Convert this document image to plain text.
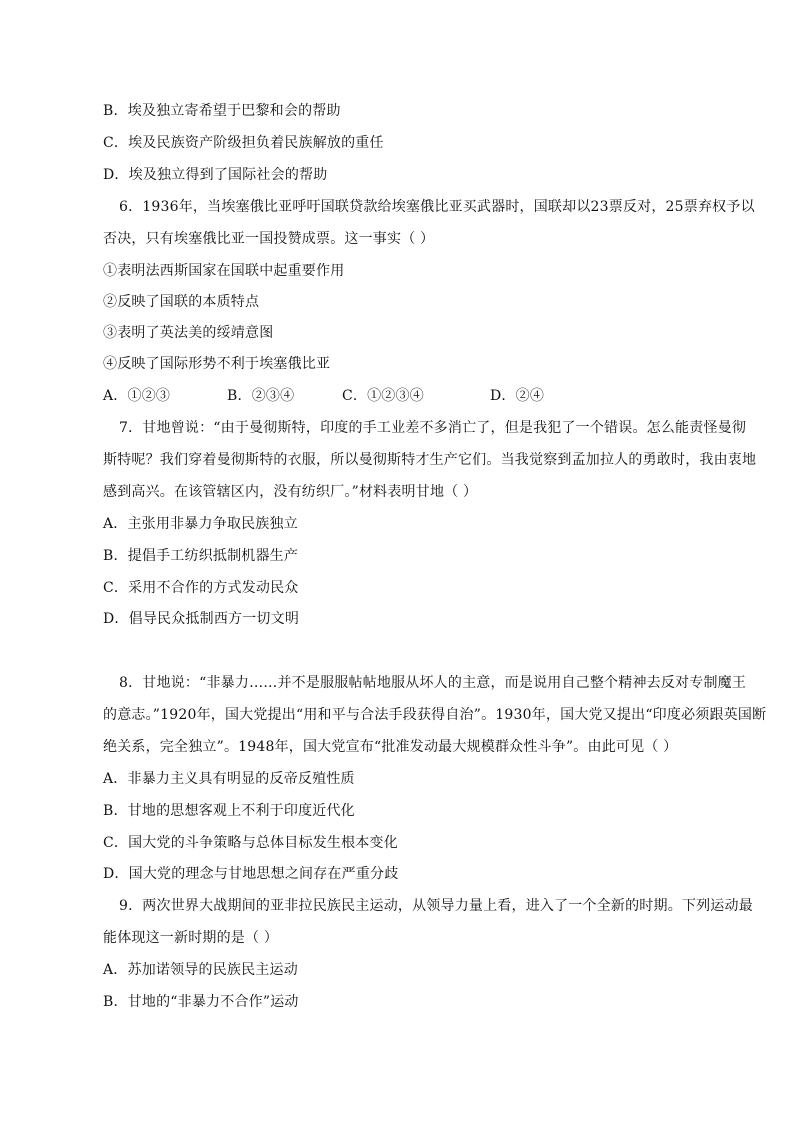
B．埃及独立寄希望于巴黎和会的帮助
C．埃及民族资产阶级担负着民族解放的重任
D．埃及独立得到了国际社会的帮助
6．1936年，当埃塞俄比亚呼吁国联贷款给埃塞俄比亚买武器时，国联却以23票反对，25票弃权予以
否决，只有埃塞俄比亚一国投赞成票。这一事实（ ）
①表明法西斯国家在国联中起重要作用
②反映了国联的本质特点
③表明了英法美的绥靖意图
④反映了国际形势不利于埃塞俄比亚
A．①②③	B．②③④	C．①②③④	D．②④
7．甘地曾说：“由于曼彻斯特，印度的手工业差不多消亡了，但是我犯了一个错误。怎么能责怪曼彻
斯特呢？我们穿着曼彻斯特的衣服，所以曼彻斯特才生产它们。当我觉察到孟加拉人的勇敢时，我由衷地
感到高兴。在该管辖区内，没有纺织厂。”材料表明甘地（ ）
A．主张用非暴力争取民族独立
B．提倡手工纺织抵制机器生产
C．采用不合作的方式发动民众
D．倡导民众抵制西方一切文明
8．甘地说：“非暴力……并不是服服帖帖地服从坏人的主意，而是说用自己整个精神去反对专制魔王
的意志。”1920年，国大党提出“用和平与合法手段获得自治”。1930年，国大党又提出“印度必须跟英国断
绝关系，完全独立”。1948年，国大党宣布“批准发动最大规模群众性斗争”。由此可见（ ）
A．非暴力主义具有明显的反帝反殖性质
B．甘地的思想客观上不利于印度近代化
C．国大党的斗争策略与总体目标发生根本变化
D．国大党的理念与甘地思想之间存在严重分歧
9．两次世界大战期间的亚非拉民族民主运动，从领导力量上看，进入了一个全新的时期。下列运动最
能体现这一新时期的是（ ）
A．苏加诺领导的民族民主运动
B．甘地的“非暴力不合作”运动
